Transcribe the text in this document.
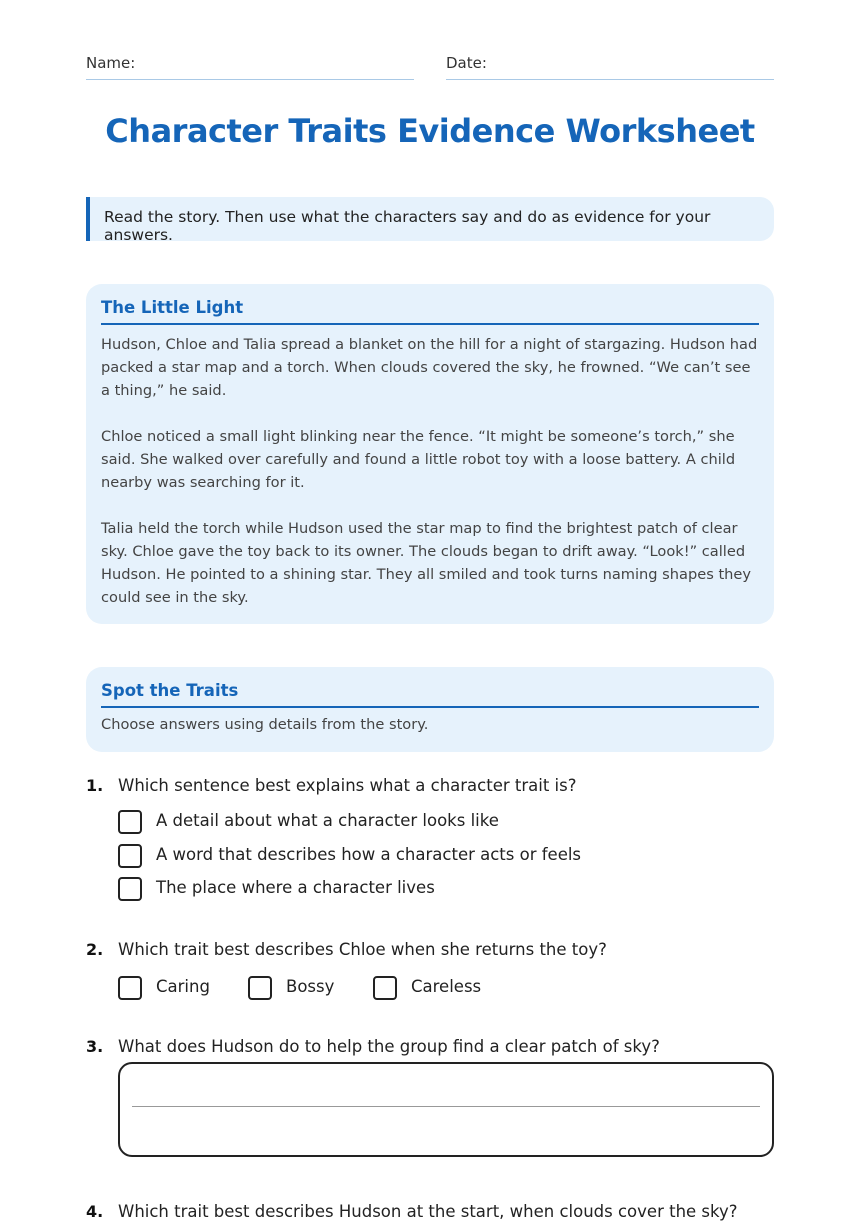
Name:	Date:
Character Traits Evidence Worksheet
Read the story. Then use what the characters say and do as evidence for your answers.
The Little Light

Hudson, Chloe and Talia spread a blanket on the hill for a night of stargazing. Hudson had packed a star map and a torch. When clouds covered the sky, he frowned. “We can’t see a thing,” he said.

Chloe noticed a small light blinking near the fence. “It might be someone’s torch,” she said. She walked over carefully and found a little robot toy with a loose battery. A child nearby was searching for it.

Talia held the torch while Hudson used the star map to find the brightest patch of clear sky. Chloe gave the toy back to its owner. The clouds began to drift away. “Look!” called Hudson. He pointed to a shining star. They all smiled and took turns naming shapes they could see in the sky.

Spot the Traits
Choose answers using details from the story.
1. Which sentence best explains what a character trait is?
A detail about what a character looks like
A word that describes how a character acts or feels
The place where a character lives
2. Which trait best describes Chloe when she returns the toy?
Caring	Bossy	Careless
3. What does Hudson do to help the group find a clear patch of sky?
4. Which trait best describes Hudson at the start, when clouds cover the sky?
